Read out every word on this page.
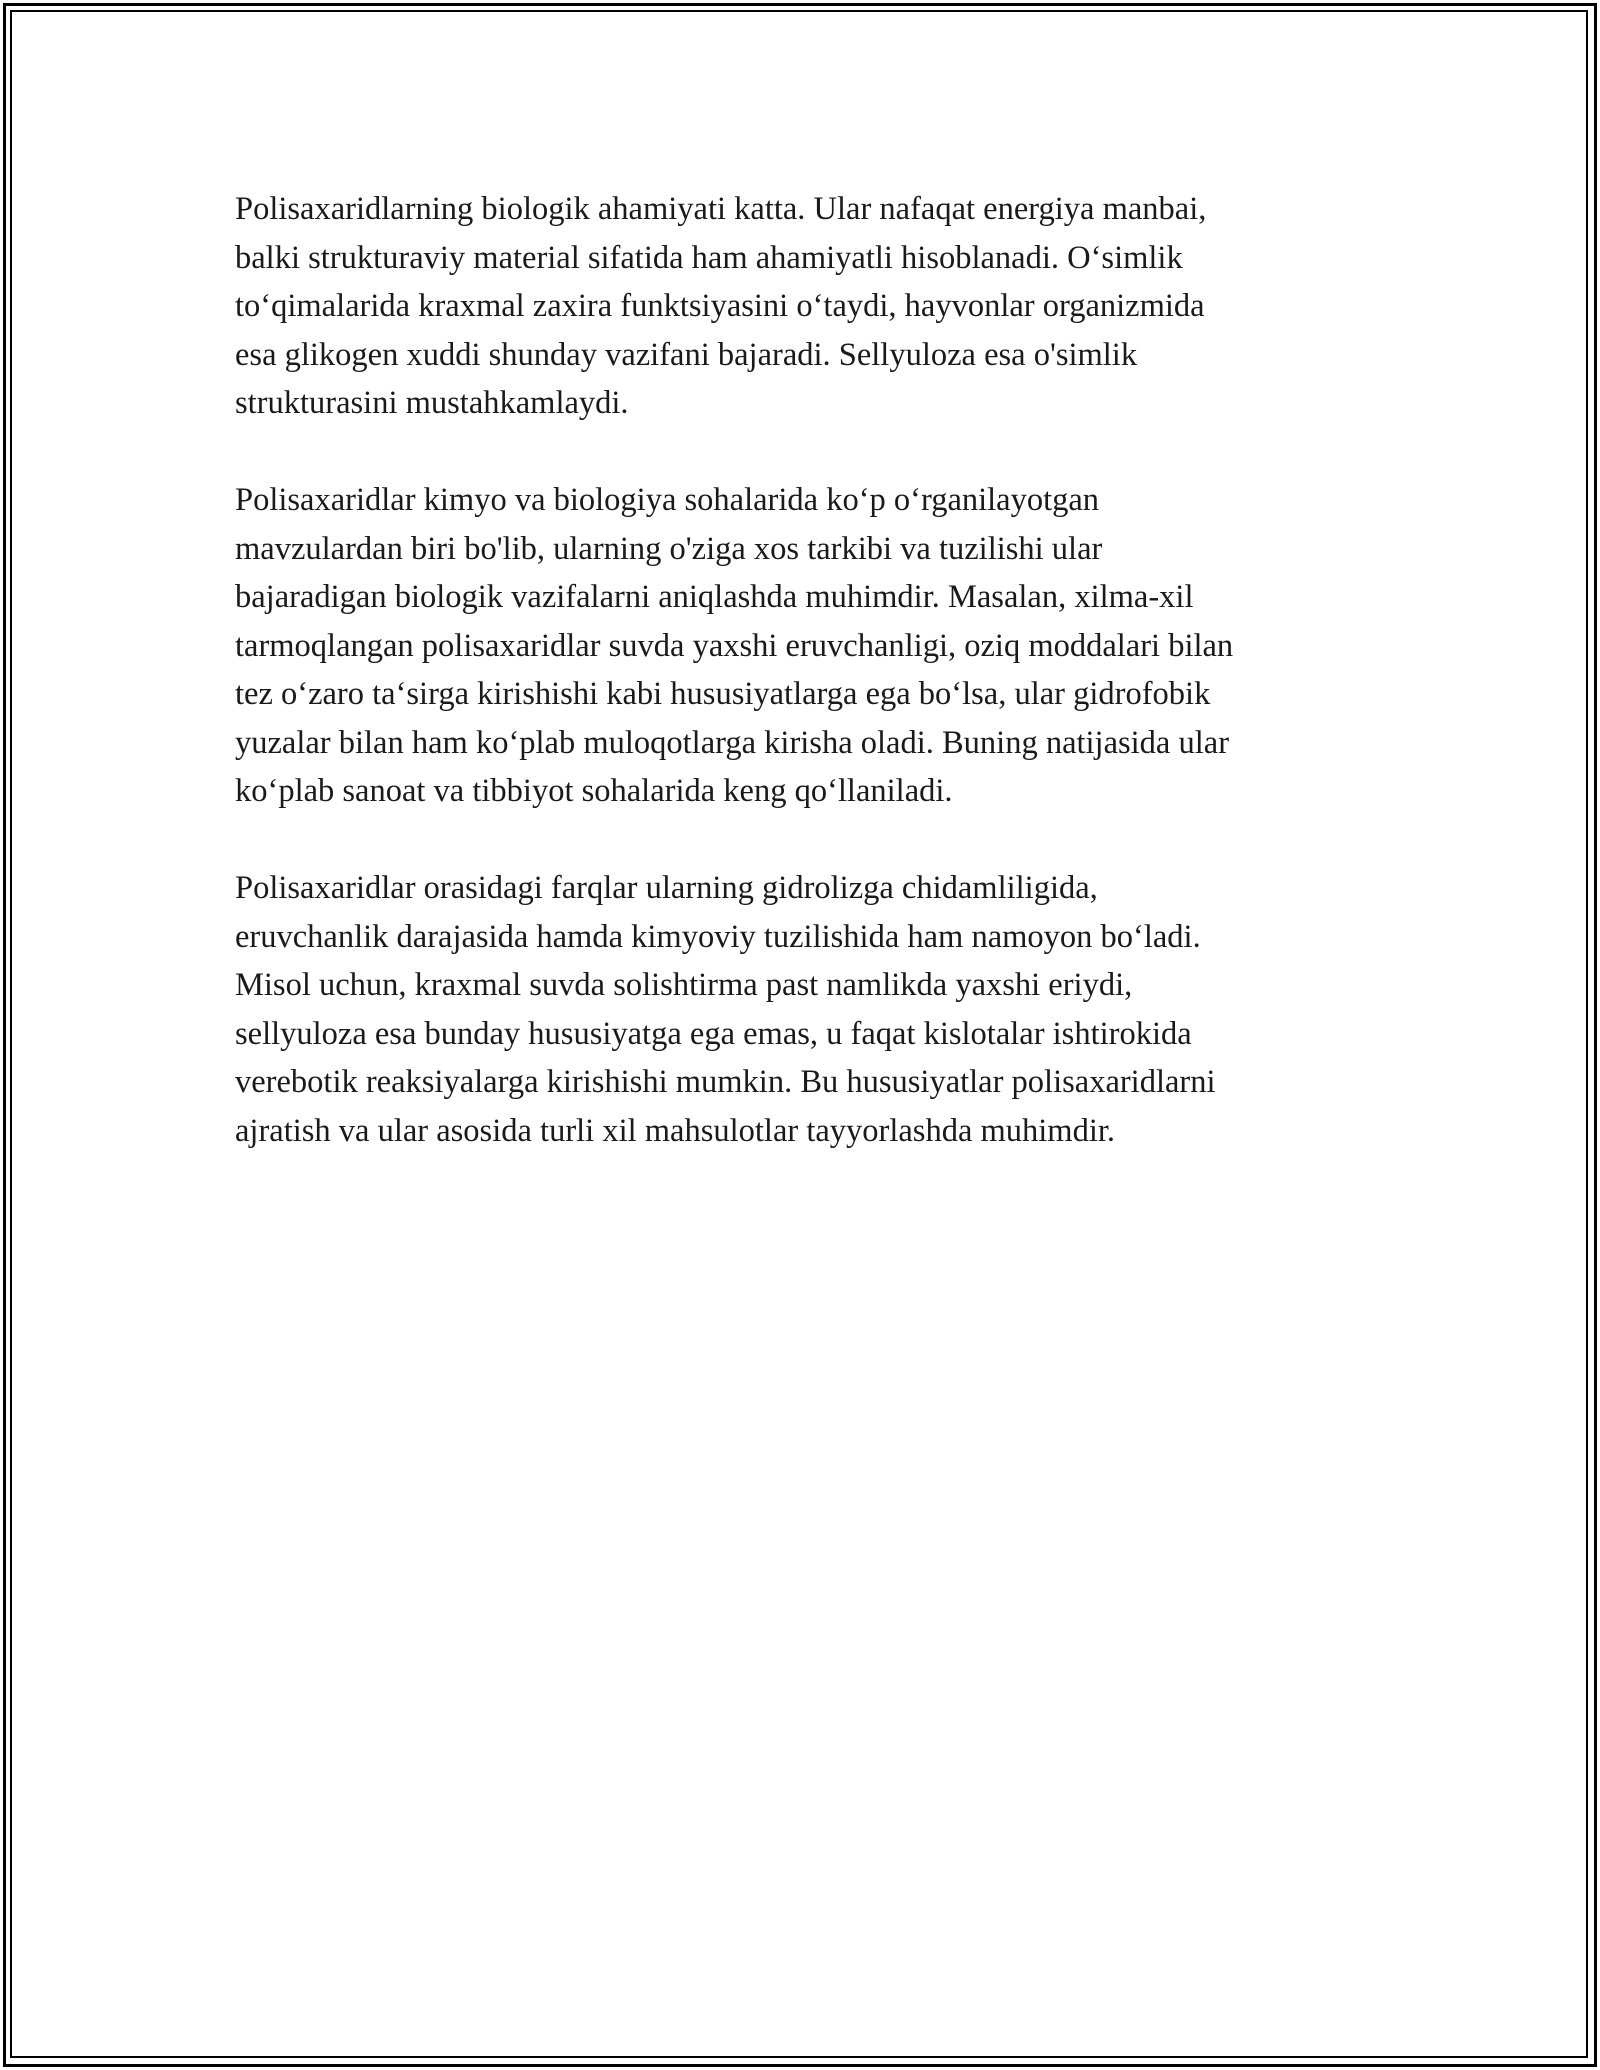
Polisaxaridlarning biologik ahamiyati katta. Ular nafaqat energiya manbai,
balki strukturaviy material sifatida ham ahamiyatli hisoblanadi. O‘simlik
to‘qimalarida kraxmal zaxira funktsiyasini o‘taydi, hayvonlar organizmida
esa glikogen xuddi shunday vazifani bajaradi. Sellyuloza esa o'simlik
strukturasini mustahkamlaydi.

Polisaxaridlar kimyo va biologiya sohalarida ko‘p o‘rganilayotgan
mavzulardan biri bo'lib, ularning o'ziga xos tarkibi va tuzilishi ular
bajaradigan biologik vazifalarni aniqlashda muhimdir. Masalan, xilma-xil
tarmoqlangan polisaxaridlar suvda yaxshi eruvchanligi, oziq moddalari bilan
tez o‘zaro ta‘sirga kirishishi kabi hususiyatlarga ega bo‘lsa, ular gidrofobik
yuzalar bilan ham ko‘plab muloqotlarga kirisha oladi. Buning natijasida ular
ko‘plab sanoat va tibbiyot sohalarida keng qo‘llaniladi.

Polisaxaridlar orasidagi farqlar ularning gidrolizga chidamliligida,
eruvchanlik darajasida hamda kimyoviy tuzilishida ham namoyon bo‘ladi.
Misol uchun, kraxmal suvda solishtirma past namlikda yaxshi eriydi,
sellyuloza esa bunday hususiyatga ega emas, u faqat kislotalar ishtirokida
verebotik reaksiyalarga kirishishi mumkin. Bu hususiyatlar polisaxaridlarni
ajratish va ular asosida turli xil mahsulotlar tayyorlashda muhimdir.
